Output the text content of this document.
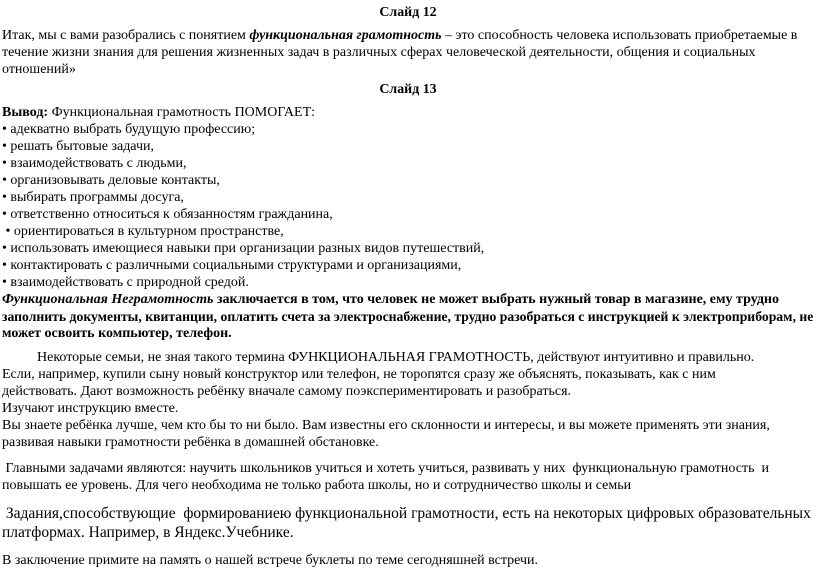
Слайд 12
Итак, мы с вами разобрались с понятием функциональная грамотность – это способность человека использовать приобретаемые в
течение жизни знания для решения жизненных задач в различных сферах человеческой деятельности, общения и социальных
отношений»
Слайд 13
Вывод: Функциональная грамотность ПОМОГАЕТ:
• адекватно выбрать будущую профессию;
• решать бытовые задачи,
• взаимодействовать с людьми,
• организовывать деловые контакты,
• выбирать программы досуга,
• ответственно относиться к обязанностям гражданина,
• ориентироваться в культурном пространстве,
• использовать имеющиеся навыки при организации разных видов путешествий,
• контактировать с различными социальными структурами и организациями,
• взаимодействовать с природной средой.
Функциональная Неграмотность заключается в том, что человек не может выбрать нужный товар в магазине, ему трудно
заполнить документы, квитанции, оплатить счета за электроснабжение, трудно разобраться с инструкцией к электроприборам, не
может освоить компьютер, телефон.
Некоторые семьи, не зная такого термина ФУНКЦИОНАЛЬНАЯ ГРАМОТНОСТЬ, действуют интуитивно и правильно.
Если, например, купили сыну новый конструктор или телефон, не торопятся сразу же объяснять, показывать, как с ним
действовать. Дают возможность ребёнку вначале самому поэкспериментировать и разобраться.
Изучают инструкцию вместе.
Вы знаете ребёнка лучше, чем кто бы то ни было. Вам известны его склонности и интересы, и вы можете применять эти знания,
развивая навыки грамотности ребёнка в домашней обстановке.
Главными задачами являются: научить школьников учиться и хотеть учиться, развивать у них  функциональную грамотность  и
повышать ее уровень. Для чего необходима не только работа школы, но и сотрудничество школы и семьи
Задания,способствующие  формированиею функциональной грамотности, есть на некоторых цифровых образовательных
платформах. Например, в Яндекс.Учебнике.
В заключение примите на память о нашей встрече буклеты по теме сегодняшней встречи.
